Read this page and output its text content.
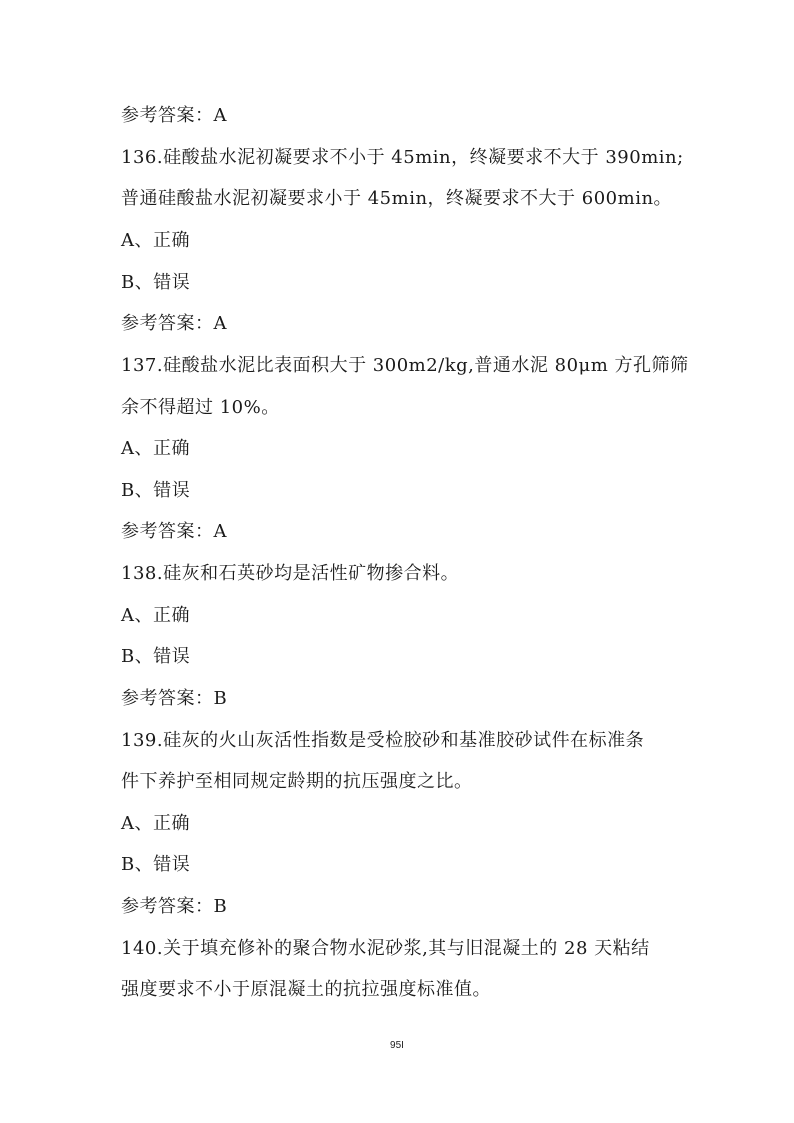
参考答案：A
136.硅酸盐水泥初凝要求不小于 45min，终凝要求不大于 390min;
普通硅酸盐水泥初凝要求小于 45min，终凝要求不大于 600min。
A、正确
B、错误
参考答案：A
137.硅酸盐水泥比表面积大于 300m2/kg,普通水泥 80μm 方孔筛筛
余不得超过 10%。
A、正确
B、错误
参考答案：A
138.硅灰和石英砂均是活性矿物掺合料。
A、正确
B、错误
参考答案：B
139.硅灰的火山灰活性指数是受检胶砂和基准胶砂试件在标准条
件下养护至相同规定龄期的抗压强度之比。
A、正确
B、错误
参考答案：B
140.关于填充修补的聚合物水泥砂浆,其与旧混凝土的 28 天粘结
强度要求不小于原混凝土的抗拉强度标准值。
95I
